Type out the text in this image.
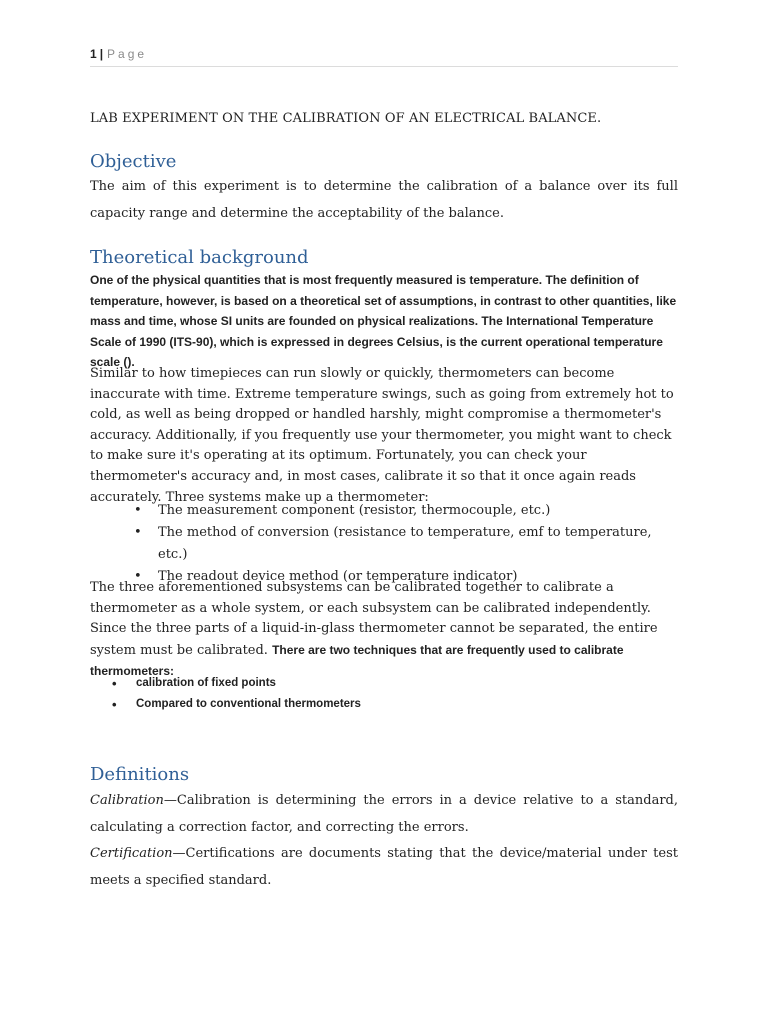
1 | Page
LAB EXPERIMENT ON THE CALIBRATION OF AN ELECTRICAL BALANCE.
Objective

The aim of this experiment is to determine the calibration of a balance over its full capacity range and determine the acceptability of the balance.

Theoretical background

One of the physical quantities that is most frequently measured is temperature. The definition of temperature, however, is based on a theoretical set of assumptions, in contrast to other quantities, like mass and time, whose SI units are founded on physical realizations. The International Temperature Scale of 1990 (ITS-90), which is expressed in degrees Celsius, is the current operational temperature scale ().

Similar to how timepieces can run slowly or quickly, thermometers can become inaccurate with time. Extreme temperature swings, such as going from extremely hot to cold, as well as being dropped or handled harshly, might compromise a thermometer's accuracy. Additionally, if you frequently use your thermometer, you might want to check to make sure it's operating at its optimum. Fortunately, you can check your thermometer's accuracy and, in most cases, calibrate it so that it once again reads accurately. Three systems make up a thermometer:

• The measurement component (resistor, thermocouple, etc.)
• The method of conversion (resistance to temperature, emf to temperature, etc.)
• The readout device method (or temperature indicator)

The three aforementioned subsystems can be calibrated together to calibrate a thermometer as a whole system, or each subsystem can be calibrated independently. Since the three parts of a liquid-in-glass thermometer cannot be separated, the entire system must be calibrated. There are two techniques that are frequently used to calibrate thermometers:

• calibration of fixed points
• Compared to conventional thermometers
Definitions

Calibration—Calibration is determining the errors in a device relative to a standard, calculating a correction factor, and correcting the errors.

Certification—Certifications are documents stating that the device/material under test meets a specified standard.
